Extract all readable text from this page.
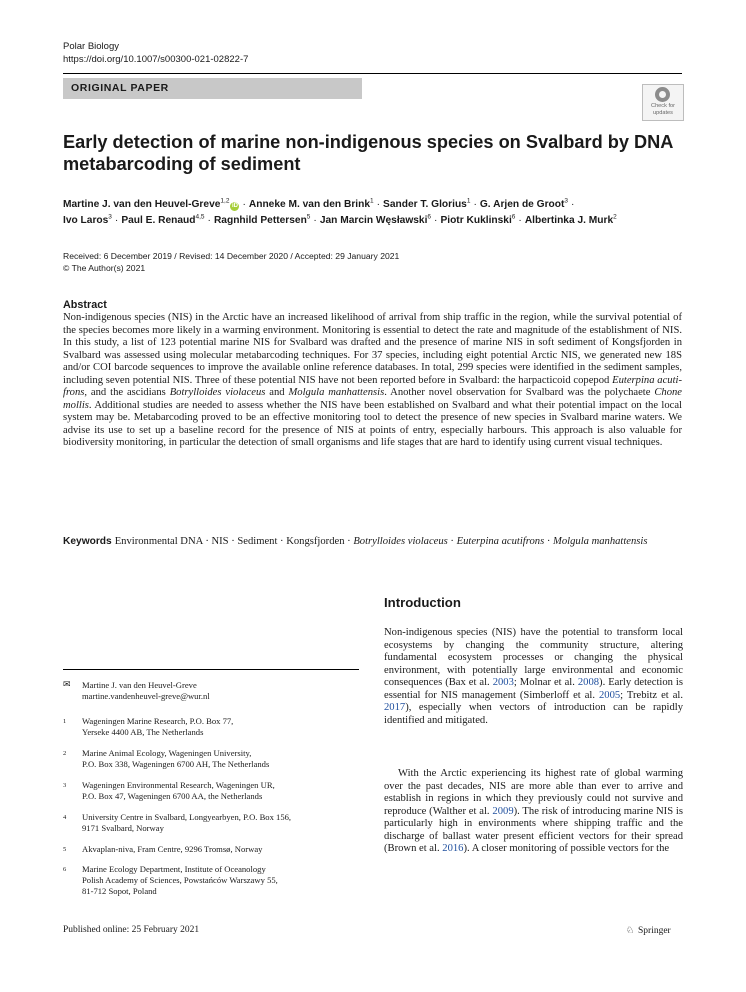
Polar Biology
https://doi.org/10.1007/s00300-021-02822-7
ORIGINAL PAPER
Check for updates
Early detection of marine non-indigenous species on Svalbard by DNA metabarcoding of sediment
Martine J. van den Heuvel-Greve$^{1,2}$iD · Anneke M. van den Brink$^1$ · Sander T. Glorius$^1$ · G. Arjen de Groot$^3$ ·
Ivo Laros$^3$ · Paul E. Renaud$^{4,5}$ · Ragnhild Pettersen$^5$ · Jan Marcin Węsławski$^6$ · Piotr Kuklinski$^6$ · Albertinka J. Murk$^2$
Received: 6 December 2019 / Revised: 14 December 2020 / Accepted: 29 January 2021
© The Author(s) 2021
Abstract
Non-indigenous species (NIS) in the Arctic have an increased likelihood of arrival from ship traffic in the region, while the survival potential of the species becomes more likely in a warming environment. Monitoring is essential to detect the rate and magnitude of the establishment of NIS. In this study, a list of 123 potential marine NIS for Svalbard was drafted and the presence of marine NIS in soft sediment of Kongsfjorden in Svalbard was assessed using molecular metabarcoding techniques. For 37 species, including eight potential Arctic NIS, we generated new 18S and/or COI barcode sequences to improve the available online reference databases. In total, 299 species were identified in the sediment samples, including seven potential NIS. Three of these potential NIS have not been reported before in Svalbard: the harpacticoid copepod Euterpina acutifrons, and the ascidians Botrylloides violaceus and Molgula manhattensis. Another novel observation for Svalbard was the polychaete Chone mollis. Additional studies are needed to assess whether the NIS have been established on Svalbard and what their potential impact on the local system may be. Metabarcoding proved to be an effective monitoring tool to detect the presence of new species in Svalbard marine waters. We advise its use to set up a baseline record for the presence of NIS at points of entry, especially harbours. This approach is also valuable for biodiversity monitoring, in particular the detection of small organisms and life stages that are hard to identify using current visual techniques.
Keywords Environmental DNA · NIS · Sediment · Kongsfjorden · Botrylloides violaceus · Euterpina acutifrons · Molgula manhattensis
Introduction
Non-indigenous species (NIS) have the potential to transform local ecosystems by changing the community structure, altering fundamental ecosystem processes or changing the physical environment, with potentially large environmental and economic consequences (Bax et al. 2003; Molnar et al. 2008). Early detection is essential for NIS management (Simberloff et al. 2005; Trebitz et al. 2017), especially when vectors of introduction can be rapidly identified and mitigated.
With the Arctic experiencing its highest rate of global warming over the past decades, NIS are more able than ever to arrive and establish in regions in which they previously could not survive and reproduce (Walther et al. 2009). The risk of introducing marine NIS is particularly high in environments where shipping traffic and the discharge of ballast water present efficient vectors for their spread (Brown et al. 2016). A closer monitoring of possible vectors for the
✉	Martine J. van den Heuvel-Greve
martine.vandenheuvel-greve@wur.nl
1	Wageningen Marine Research, P.O. Box 77,
Yerseke 4400 AB, The Netherlands
2	Marine Animal Ecology, Wageningen University,
P.O. Box 338, Wageningen 6700 AH, The Netherlands
3	Wageningen Environmental Research, Wageningen UR,
P.O. Box 47, Wageningen 6700 AA, the Netherlands
4	University Centre in Svalbard, Longyearbyen, P.O. Box 156,
9171 Svalbard, Norway
5	Akvaplan-niva, Fram Centre, 9296 Tromsø, Norway
6	Marine Ecology Department, Institute of Oceanology
Polish Academy of Sciences, Powstańców Warszawy 55,
81-712 Sopot, Poland
Published online: 25 February 2021	♘ Springer
